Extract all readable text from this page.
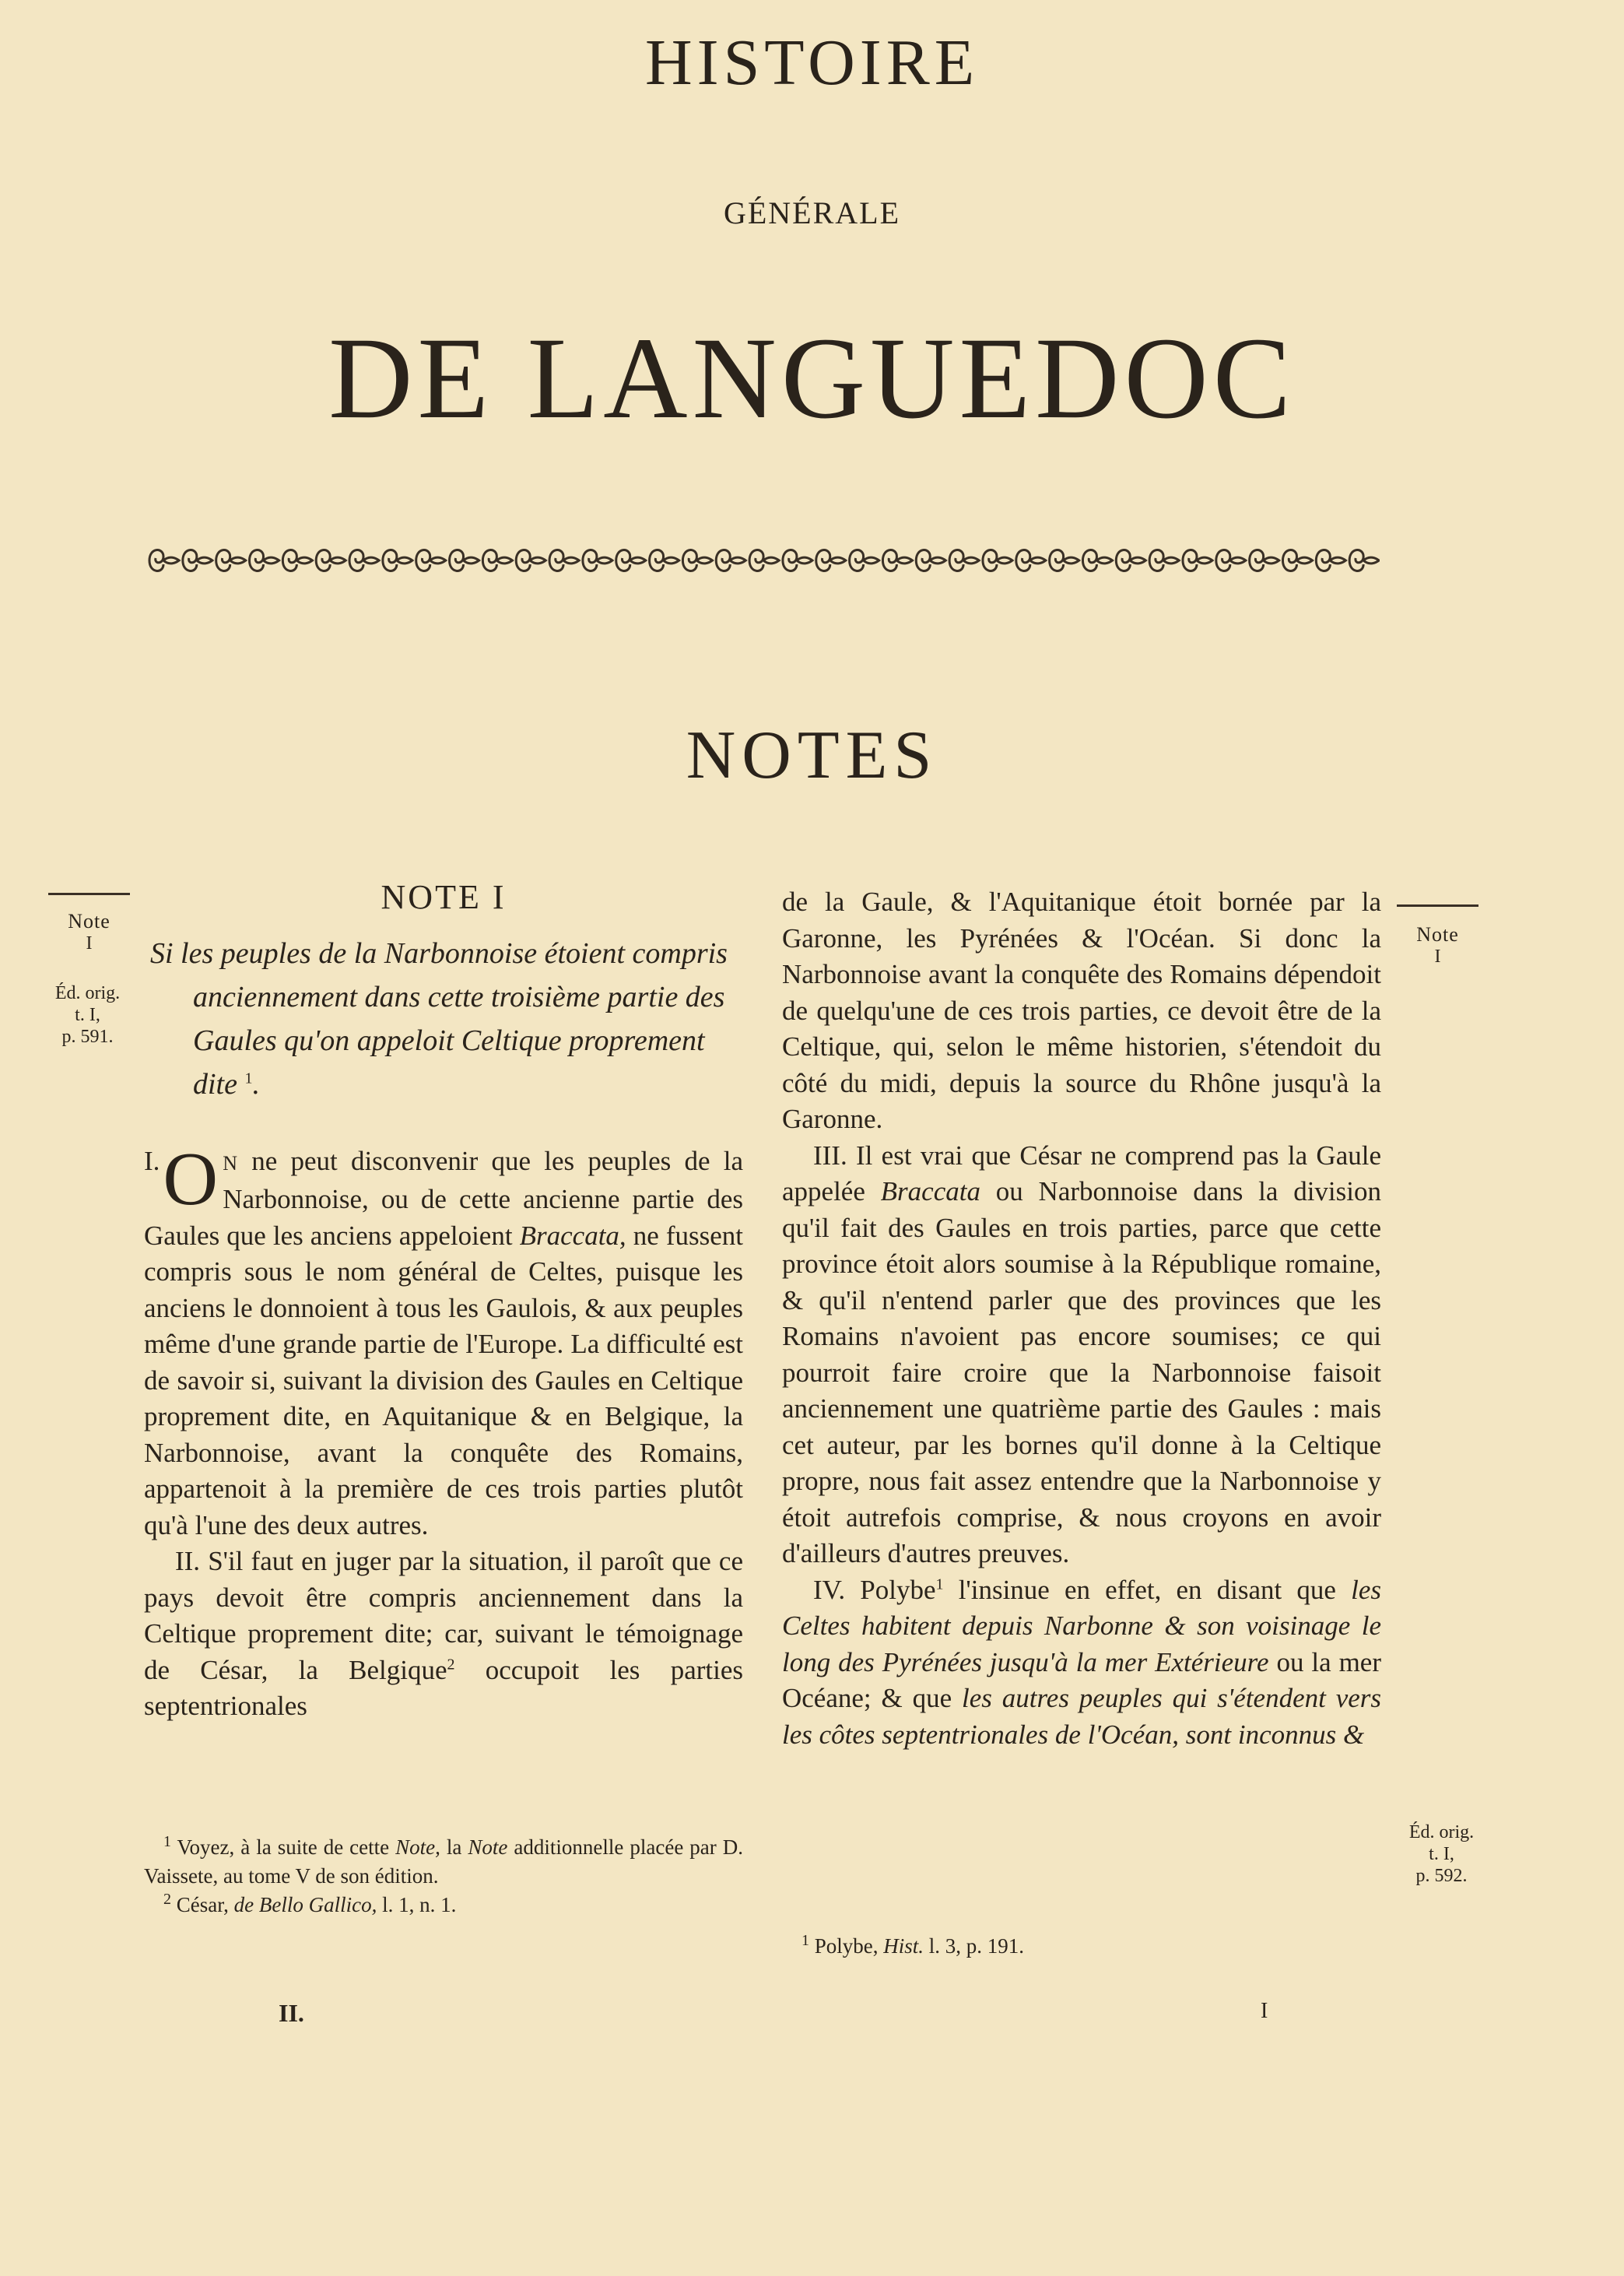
HISTOIRE
GÉNÉRALE
DE LANGUEDOC
NOTES
Note
I
Éd. orig.
t. I,
p. 591.
Note
I
Éd. orig.
t. I,
p. 592.
NOTE I
Si les peuples de la Narbonnoise étoient compris anciennement dans cette troisième partie des Gaules qu'on appeloit Celtique proprement dite $^1$.

I. O N ne peut disconvenir que les peuples de la Narbonnoise, ou de cette ancienne partie des Gaules que les anciens appeloient Braccata, ne fussent compris sous le nom général de Celtes, puisque les anciens le donnoient à tous les Gaulois, & aux peuples même d'une grande partie de l'Europe. La difficulté est de savoir si, suivant la division des Gaules en Celtique proprement dite, en Aquitanique & en Belgique, la Narbonnoise, avant la conquête des Romains, appartenoit à la première de ces trois parties plutôt qu'à l'une des deux autres.

II. S'il faut en juger par la situation, il paroît que ce pays devoit être compris anciennement dans la Celtique proprement dite; car, suivant le témoignage de César, la Belgique$^2$ occupoit les parties septentrionales

de la Gaule, & l'Aquitanique étoit bornée par la Garonne, les Pyrénées & l'Océan. Si donc la Narbonnoise avant la conquête des Romains dépendoit de quelqu'une de ces trois parties, ce devoit être de la Celtique, qui, selon le même historien, s'étendoit du côté du midi, depuis la source du Rhône jusqu'à la Garonne.

III. Il est vrai que César ne comprend pas la Gaule appelée Braccata ou Narbonnoise dans la division qu'il fait des Gaules en trois parties, parce que cette province étoit alors soumise à la République romaine, & qu'il n'entend parler que des provinces que les Romains n'avoient pas encore soumises; ce qui pourroit faire croire que la Narbonnoise faisoit anciennement une quatrième partie des Gaules : mais cet auteur, par les bornes qu'il donne à la Celtique propre, nous fait assez entendre que la Narbonnoise y étoit autrefois comprise, & nous croyons en avoir d'ailleurs d'autres preuves.

IV. Polybe$^1$ l'insinue en effet, en disant que les Celtes habitent depuis Narbonne & son voisinage le long des Pyrénées jusqu'à la mer Extérieure ou la mer Océane; & que les autres peuples qui s'étendent vers les côtes septentrionales de l'Océan, sont inconnus &

$^1$ Voyez, à la suite de cette Note, la Note additionnelle placée par D. Vaissete, au tome V de son édition.

$^2$ César, de Bello Gallico, l. 1, n. 1.

$^1$ Polybe, Hist. l. 3, p. 191.

II.	I
